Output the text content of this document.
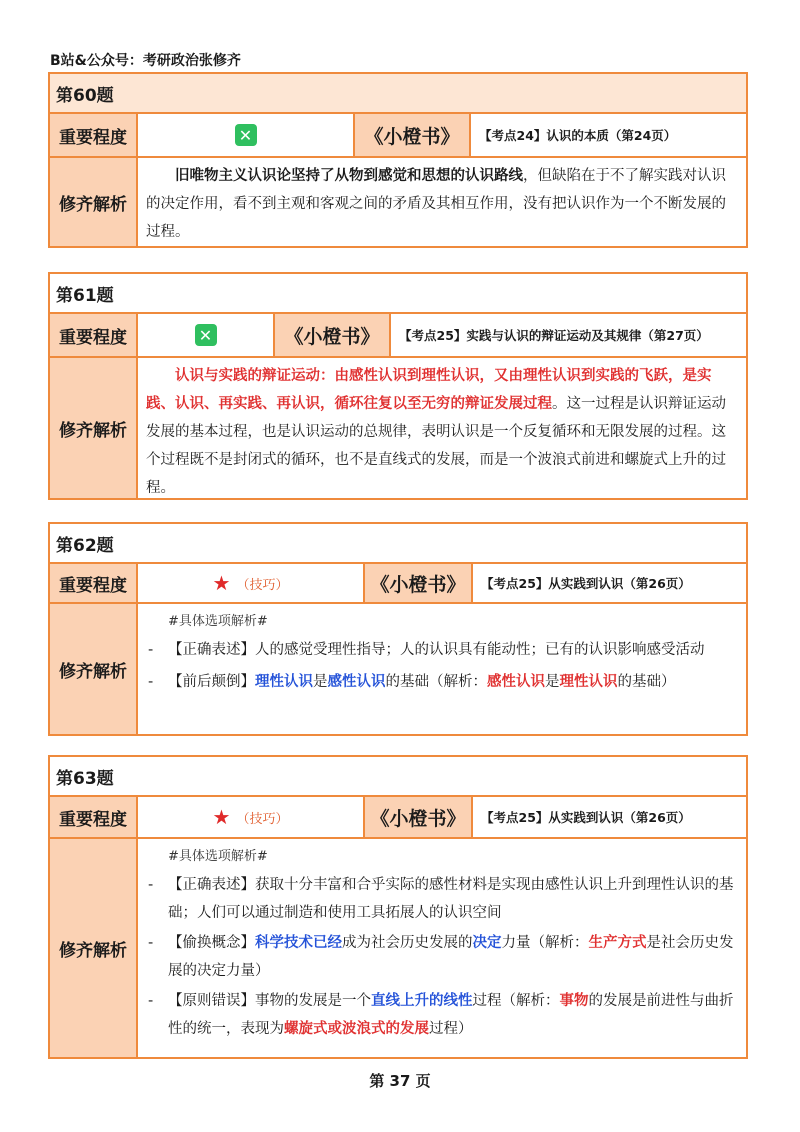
B站&公众号：考研政治张修齐
第60题
重要程度	✕	《小橙书》	【考点24】认识的本质（第24页）
修齐解析
旧唯物主义认识论坚持了从物到感觉和思想的认识路线，但缺陷在于不了解实践对认识的决定作用，看不到主观和客观之间的矛盾及其相互作用，没有把认识作为一个不断发展的过程。
第61题
重要程度	✕	《小橙书》	【考点25】实践与认识的辩证运动及其规律（第27页）
修齐解析
认识与实践的辩证运动：由感性认识到理性认识，又由理性认识到实践的飞跃，是实践、认识、再实践、再认识，循环往复以至无穷的辩证发展过程。这一过程是认识辩证运动发展的基本过程，也是认识运动的总规律，表明认识是一个反复循环和无限发展的过程。这个过程既不是封闭式的循环，也不是直线式的发展，而是一个波浪式前进和螺旋式上升的过程。
第62题
重要程度	★ （技巧）	《小橙书》	【考点25】从实践到认识（第26页）
修齐解析
#具体选项解析#
- 【正确表述】人的感觉受理性指导；人的认识具有能动性；已有的认识影响感受活动
- 【前后颠倒】理性认识是感性认识的基础（解析：感性认识是理性认识的基础）
第63题
重要程度	★ （技巧）	《小橙书》	【考点25】从实践到认识（第26页）
修齐解析
#具体选项解析#
- 【正确表述】获取十分丰富和合乎实际的感性材料是实现由感性认识上升到理性认识的基础；人们可以通过制造和使用工具拓展人的认识空间
- 【偷换概念】科学技术已经成为社会历史发展的决定力量（解析：生产方式是社会历史发展的决定力量）
- 【原则错误】事物的发展是一个直线上升的线性过程（解析：事物的发展是前进性与曲折性的统一，表现为螺旋式或波浪式的发展过程）
第 37 页
